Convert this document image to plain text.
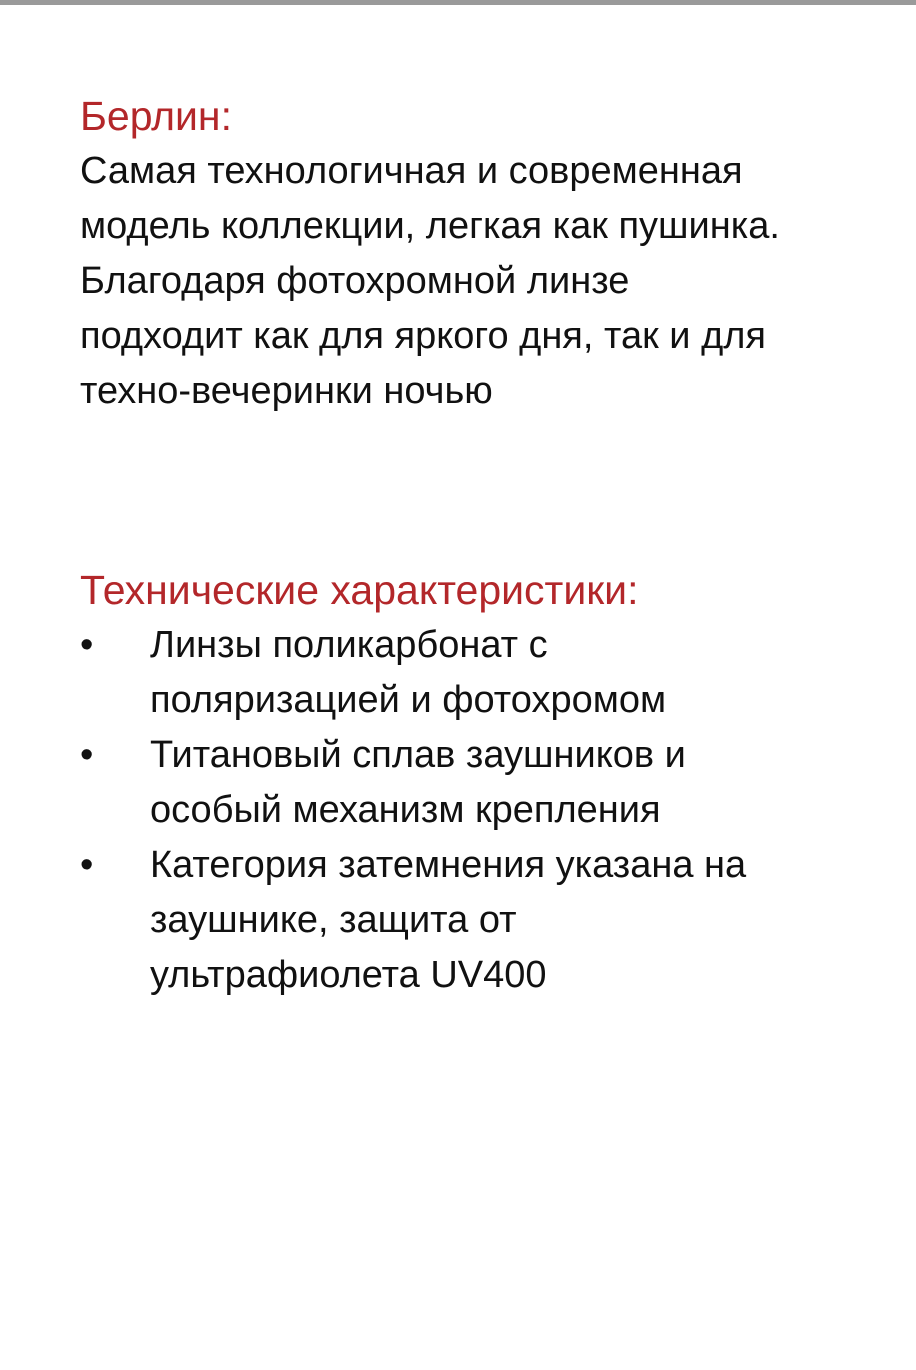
Берлин:

Самая технологичная и современная
модель коллекции, легкая как пушинка.
Благодаря фотохромной линзе
подходит как для яркого дня, так и для
техно-вечеринки ночью

Технические характеристики:
• Линзы поликарбонат с
поляризацией и фотохромом
• Титановый сплав заушников и
особый механизм крепления
• Категория затемнения указана на
заушнике, защита от
ультрафиолета UV400
